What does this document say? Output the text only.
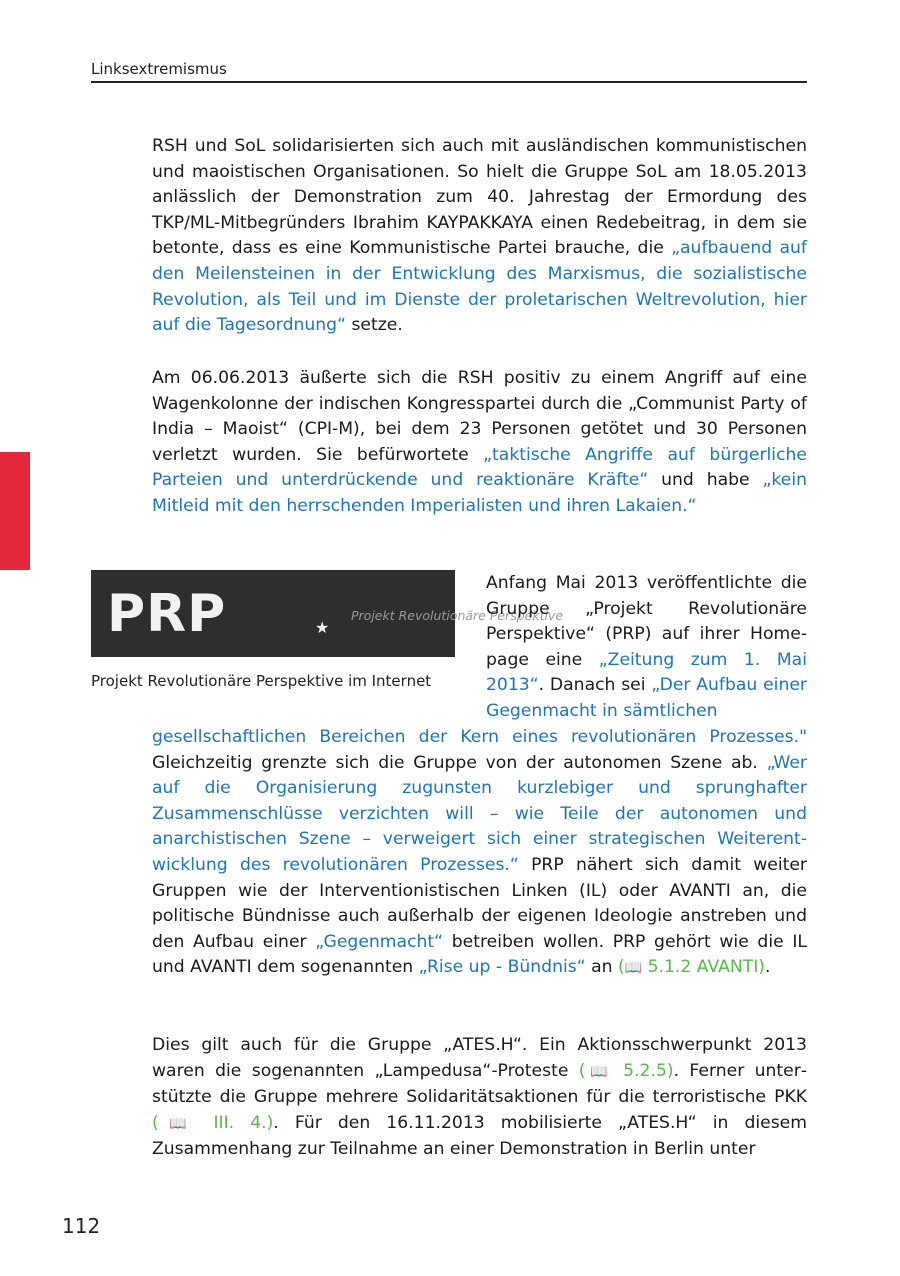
Linksextremismus

RSH und SoL solidarisierten sich auch mit ausländischen kommunistischen und maoistischen Organisationen. So hielt die Gruppe SoL am 18.05.2013 anlässlich der Demonstration zum 40. Jahrestag der Ermordung des TKP/ML-Mitbegründers Ibrahim KAYPAKKAYA einen Redebeitrag, in dem sie betonte, dass es eine Kommunistische Partei brauche, die „aufbauend auf den Meilensteinen in der Entwicklung des Marxismus, die sozialistische Revolution, als Teil und im Dienste der proletarischen Weltrevolution, hier auf die Tagesordnung“ setze.

Am 06.06.2013 äußerte sich die RSH positiv zu einem Angriff auf eine Wagenkolonne der indischen Kongresspartei durch die „Communist Party of India – Maoist“ (CPI-M), bei dem 23 Personen getötet und 30 Personen verletzt wurden. Sie befürwortete „taktische Angriffe auf bürgerliche Parteien und unterdrückende und reaktionäre Kräfte“ und habe „kein Mitleid mit den herrschenden Imperialisten und ihren Lakaien.“

PRP	★
Projekt Revolutionäre Perspektive
Projekt Revolutionäre Perspektive im Internet

Anfang Mai 2013 veröffentlichte die Gruppe „Projekt Revolutionäre Perspektive“ (PRP) auf ihrer Homepage eine „Zeitung zum 1. Mai 2013“. Danach sei „Der Aufbau einer Gegenmacht in sämtlichen

gesellschaftlichen Bereichen der Kern eines revolutionären Prozesses." Gleichzeitig grenzte sich die Gruppe von der autonomen Szene ab. „Wer auf die Organisierung zugunsten kurzlebiger und sprunghafter Zusammenschlüsse verzichten will – wie Teile der autonomen und anarchistischen Szene – verweigert sich einer strategischen Weiterentwicklung des revolutionären Prozesses.“ PRP nähert sich damit weiter Gruppen wie der Interventionistischen Linken (IL) oder AVANTI an, die politische Bündnisse auch außerhalb der eigenen Ideologie anstreben und den Aufbau einer „Gegenmacht“ betreiben wollen. PRP gehört wie die IL und AVANTI dem sogenannten „Rise up - Bündnis“ an (📖 5.1.2 AVANTI).

Dies gilt auch für die Gruppe „ATES.H“. Ein Aktionsschwerpunkt 2013 waren die sogenannten „Lampedusa“-Proteste (📖 5.2.5). Ferner unterstützte die Gruppe mehrere Solidaritätsaktionen für die terroristische PKK (📖 III. 4.). Für den 16.11.2013 mobilisierte „ATES.H“ in diesem Zusammenhang zur Teilnahme an einer Demonstration in Berlin unter

112
